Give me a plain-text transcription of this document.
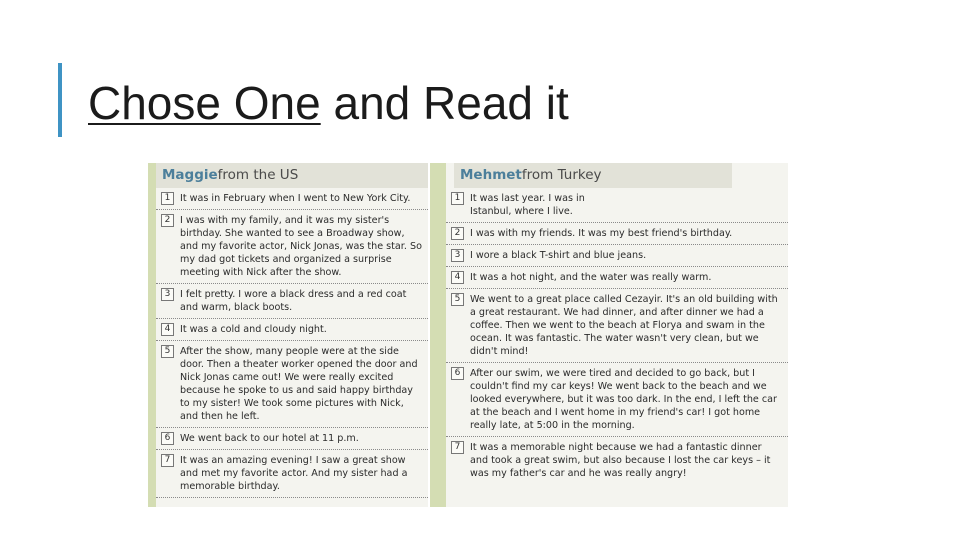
Chose One and Read it
Maggiefrom the US
1	It was in February when I went to New York City.
2	I was with my family, and it was my sister's birthday. She wanted to see a Broadway show, and my favorite actor, Nick Jonas, was the star. So my dad got tickets and organized a surprise meeting with Nick after the show.
3	I felt pretty. I wore a black dress and a red coat and warm, black boots.
4	It was a cold and cloudy night.
5	After the show, many people were at the side door. Then a theater worker opened the door and Nick Jonas came out! We were really excited because he spoke to us and said happy birthday to my sister! We took some pictures with Nick, and then he left.
6	We went back to our hotel at 11 p.m.
7	It was an amazing evening! I saw a great show and met my favorite actor. And my sister had a memorable birthday.
Mehmetfrom Turkey
1	It was last year. I was in Istanbul, where I live.
2	I was with my friends. It was my best friend's birthday.
3	I wore a black T-shirt and blue jeans.
4	It was a hot night, and the water was really warm.
5	We went to a great place called Cezayir. It's an old building with a great restaurant. We had dinner, and after dinner we had a coffee. Then we went to the beach at Florya and swam in the ocean. It was fantastic. The water wasn't very clean, but we didn't mind!
6	After our swim, we were tired and decided to go back, but I couldn't find my car keys! We went back to the beach and we looked everywhere, but it was too dark. In the end, I left the car at the beach and I went home in my friend's car! I got home really late, at 5:00 in the morning.
7	It was a memorable night because we had a fantastic dinner and took a great swim, but also because I lost the car keys – it was my father's car and he was really angry!
